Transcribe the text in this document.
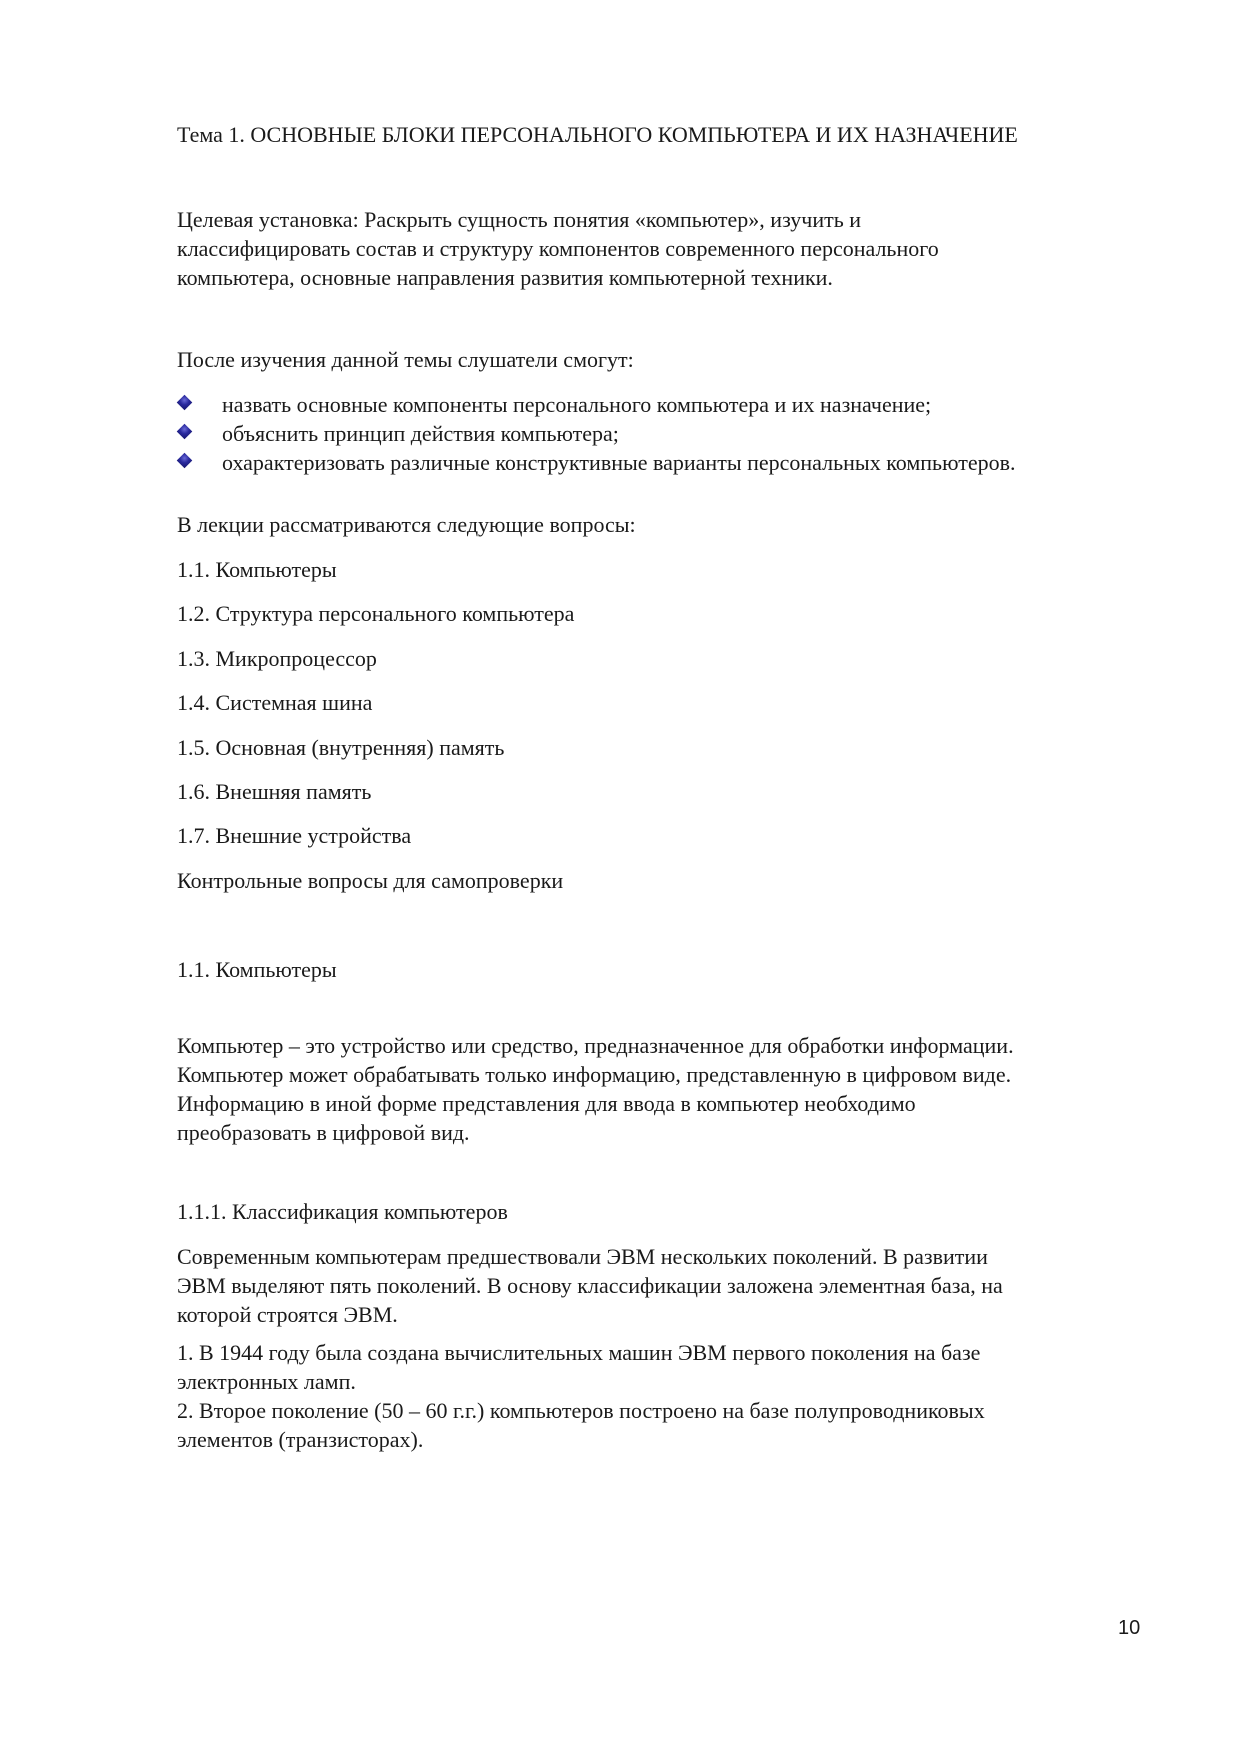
Тема 1. ОСНОВНЫЕ БЛОКИ ПЕРСОНАЛЬНОГО КОМПЬЮТЕРА И ИХ НАЗНАЧЕНИЕ
Целевая установка: Раскрыть сущность понятия «компьютер», изучить и
классифицировать состав и структуру компонентов современного персонального
компьютера, основные направления развития компьютерной техники.
После изучения данной темы слушатели смогут:
назвать основные компоненты персонального компьютера и их назначение;
объяснить принцип действия компьютера;
охарактеризовать различные конструктивные варианты персональных компьютеров.
В лекции рассматриваются следующие вопросы:
1.1. Компьютеры
1.2. Структура персонального компьютера
1.3. Микропроцессор
1.4. Системная шина
1.5. Основная (внутренняя) память
1.6. Внешняя память
1.7. Внешние устройства
Контрольные вопросы для самопроверки
1.1. Компьютеры
Компьютер – это устройство или средство, предназначенное для обработки информации.
Компьютер может обрабатывать только информацию, представленную в цифровом виде.
Информацию в иной форме представления для ввода в компьютер необходимо
преобразовать в цифровой вид.
1.1.1. Классификация компьютеров
Современным компьютерам предшествовали ЭВМ нескольких поколений. В развитии
ЭВМ выделяют пять поколений. В основу классификации заложена элементная база, на
которой строятся ЭВМ.
1. В 1944 году была создана вычислительных машин ЭВМ первого поколения на базе
электронных ламп.
2. Второе поколение (50 – 60 г.г.) компьютеров построено на базе полупроводниковых
элементов (транзисторах).
10
